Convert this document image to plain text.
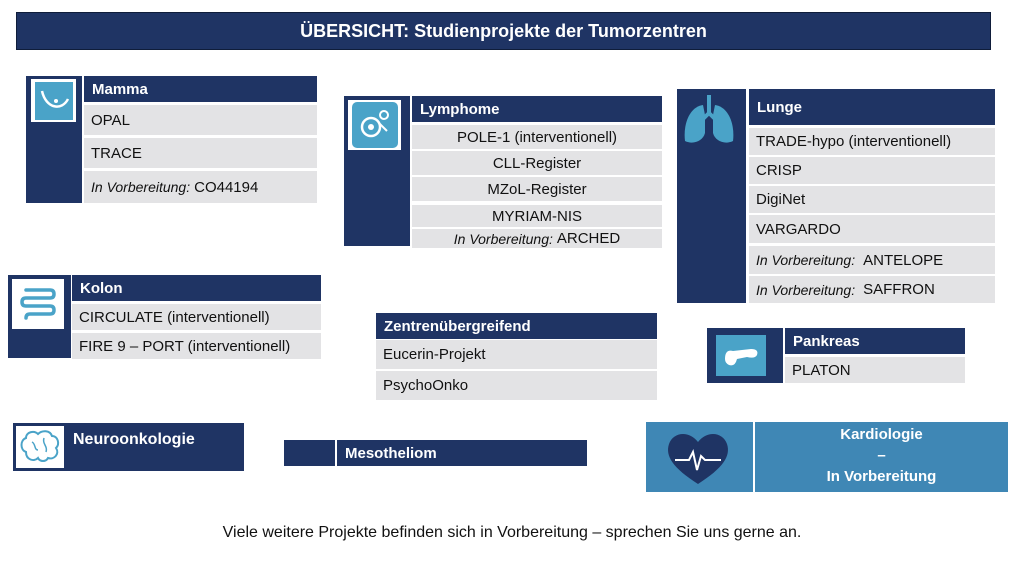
ÜBERSICHT: Studienprojekte der Tumorzentren
Mamma
OPAL
TRACE
In Vorbereitung: CO44194
Lymphome
POLE-1 (interventionell)
CLL-Register
MZoL-Register
MYRIAM-NIS
In Vorbereitung: ARCHED
Lunge
TRADE-hypo (interventionell)
CRISP
DigiNet
VARGARDO
In Vorbereitung: ANTELOPE
In Vorbereitung: SAFFRON
Kolon
CIRCULATE (interventionell)
FIRE 9 – PORT (interventionell)
Zentrenübergreifend
Eucerin-Projekt
PsychoOnko
Pankreas
PLATON
Neuroonkologie
Mesotheliom
Kardiologie
–
In Vorbereitung
Viele weitere Projekte befinden sich in Vorbereitung – sprechen Sie uns gerne an.
